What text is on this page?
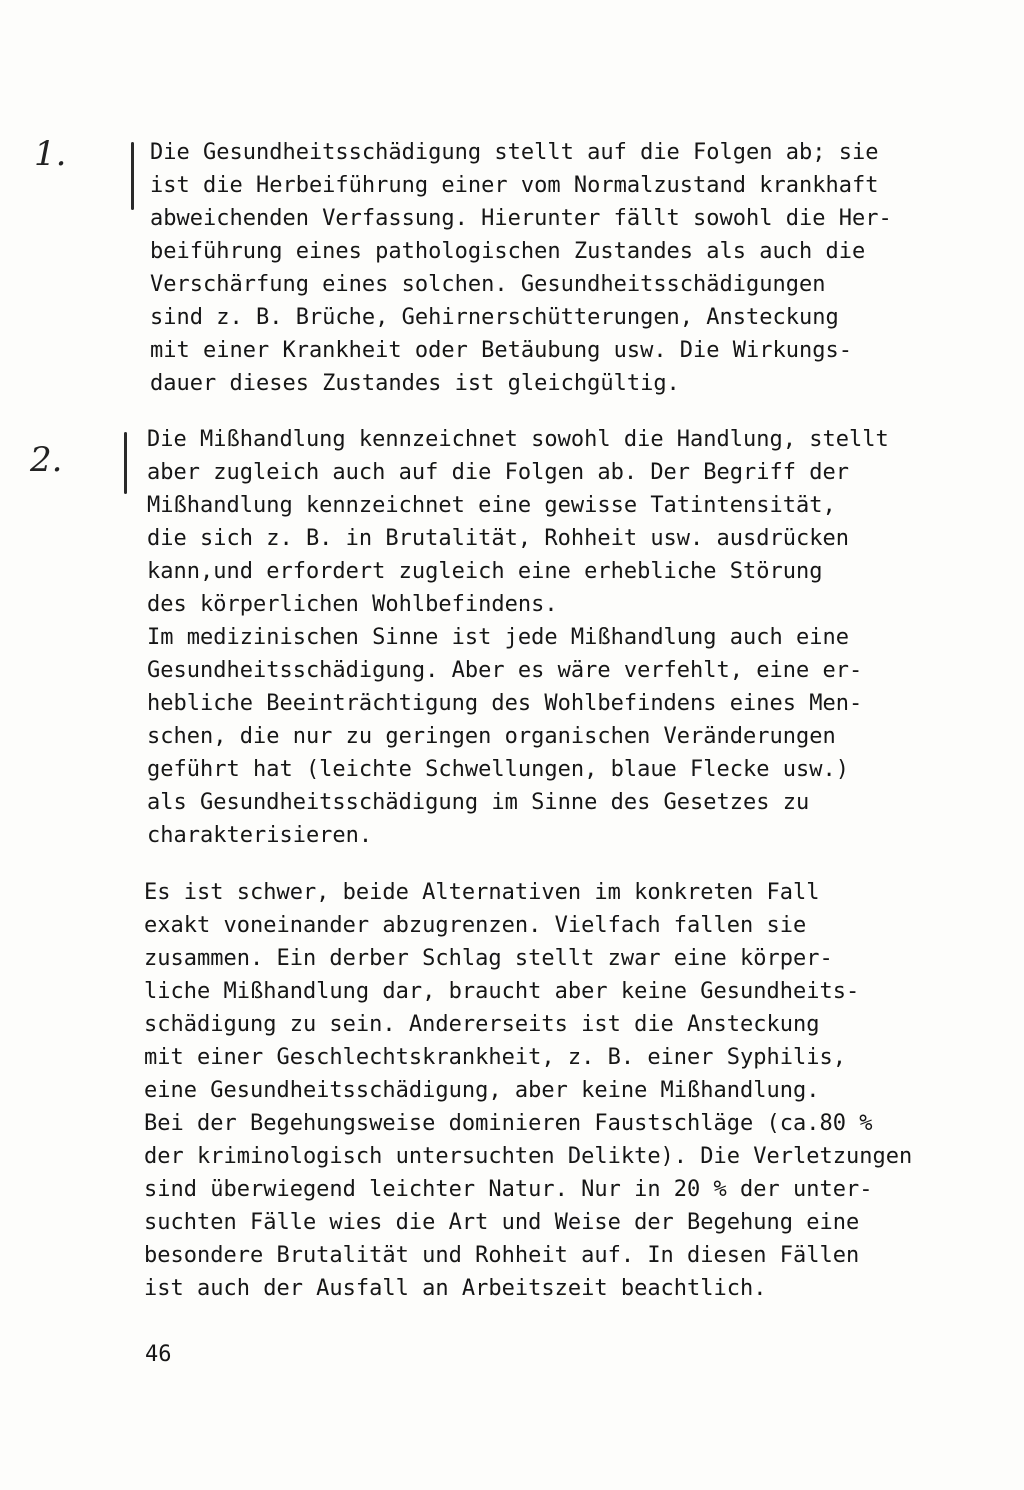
1.
2.
Die Gesundheitsschädigung stellt auf die Folgen ab; sie
ist die Herbeiführung einer vom Normalzustand krankhaft
abweichenden Verfassung. Hierunter fällt sowohl die Her-
beiführung eines pathologischen Zustandes als auch die
Verschärfung eines solchen. Gesundheitsschädigungen
sind z. B. Brüche, Gehirnerschütterungen, Ansteckung
mit einer Krankheit oder Betäubung usw. Die Wirkungs-
dauer dieses Zustandes ist gleichgültig.
Die Mißhandlung kennzeichnet sowohl die Handlung, stellt
aber zugleich auch auf die Folgen ab. Der Begriff der
Mißhandlung kennzeichnet eine gewisse Tatintensität,
die sich z. B. in Brutalität, Rohheit usw. ausdrücken
kann,und erfordert zugleich eine erhebliche Störung
des körperlichen Wohlbefindens.
Im medizinischen Sinne ist jede Mißhandlung auch eine
Gesundheitsschädigung. Aber es wäre verfehlt, eine er-
hebliche Beeinträchtigung des Wohlbefindens eines Men-
schen, die nur zu geringen organischen Veränderungen
geführt hat (leichte Schwellungen, blaue Flecke usw.)
als Gesundheitsschädigung im Sinne des Gesetzes zu
charakterisieren.
Es ist schwer, beide Alternativen im konkreten Fall
exakt voneinander abzugrenzen. Vielfach fallen sie
zusammen. Ein derber Schlag stellt zwar eine körper-
liche Mißhandlung dar, braucht aber keine Gesundheits-
schädigung zu sein. Andererseits ist die Ansteckung
mit einer Geschlechtskrankheit, z. B. einer Syphilis,
eine Gesundheitsschädigung, aber keine Mißhandlung.
Bei der Begehungsweise dominieren Faustschläge (ca.80 %
der kriminologisch untersuchten Delikte). Die Verletzungen
sind überwiegend leichter Natur. Nur in 20 % der unter-
suchten Fälle wies die Art und Weise der Begehung eine
besondere Brutalität und Rohheit auf. In diesen Fällen
ist auch der Ausfall an Arbeitszeit beachtlich.
46
